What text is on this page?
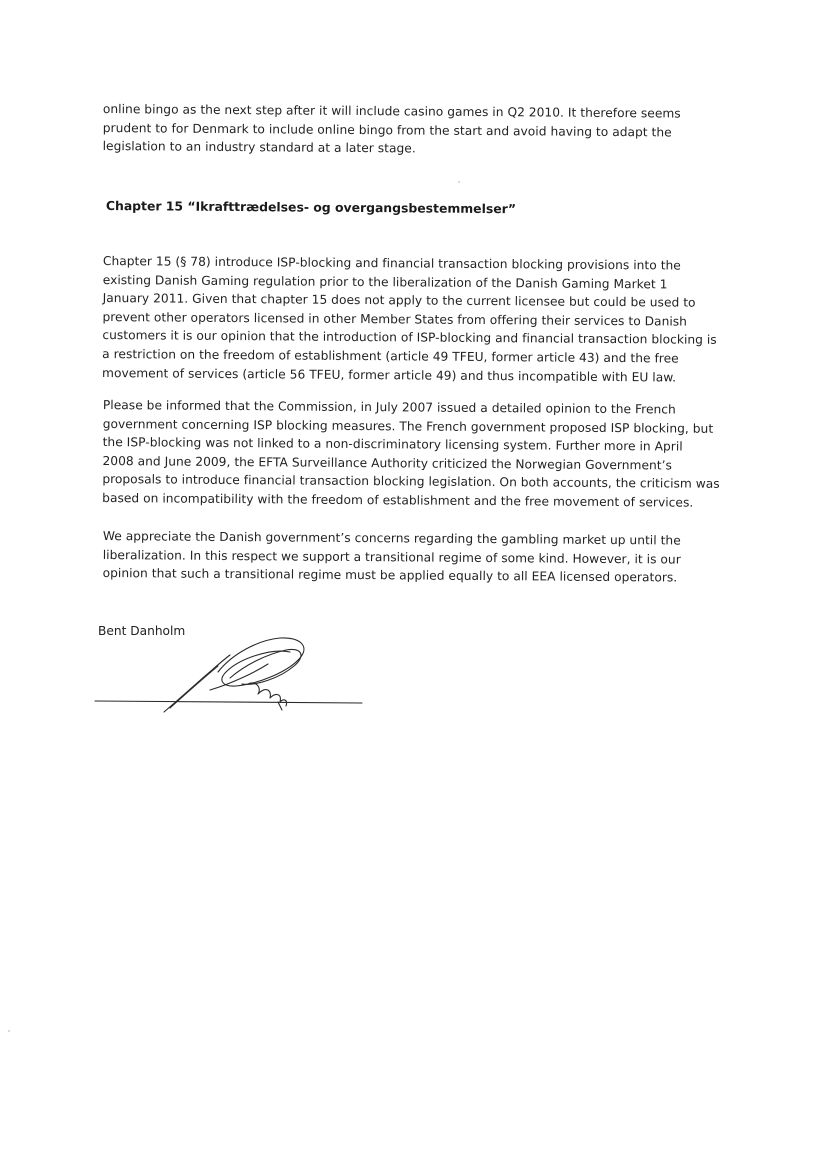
online bingo as the next step after it will include casino games in Q2 2010. It therefore seems
prudent to for Denmark to include online bingo from the start and avoid having to adapt the
legislation to an industry standard at a later stage.

Chapter 15 “Ikrafttrædelses- og overgangsbestemmelser”

Chapter 15 (§ 78) introduce ISP-blocking and financial transaction blocking provisions into the
existing Danish Gaming regulation prior to the liberalization of the Danish Gaming Market 1
January 2011. Given that chapter 15 does not apply to the current licensee but could be used to
prevent other operators licensed in other Member States from offering their services to Danish
customers it is our opinion that the introduction of ISP-blocking and financial transaction blocking is
a restriction on the freedom of establishment (article 49 TFEU, former article 43) and the free
movement of services (article 56 TFEU, former article 49) and thus incompatible with EU law.

Please be informed that the Commission, in July 2007 issued a detailed opinion to the French
government concerning ISP blocking measures. The French government proposed ISP blocking, but
the ISP-blocking was not linked to a non-discriminatory licensing system. Further more in April
2008 and June 2009, the EFTA Surveillance Authority criticized the Norwegian Government’s
proposals to introduce financial transaction blocking legislation. On both accounts, the criticism was
based on incompatibility with the freedom of establishment and the free movement of services.

We appreciate the Danish government’s concerns regarding the gambling market up until the
liberalization. In this respect we support a transitional regime of some kind. However, it is our
opinion that such a transitional regime must be applied equally to all EEA licensed operators.

Bent Danholm
